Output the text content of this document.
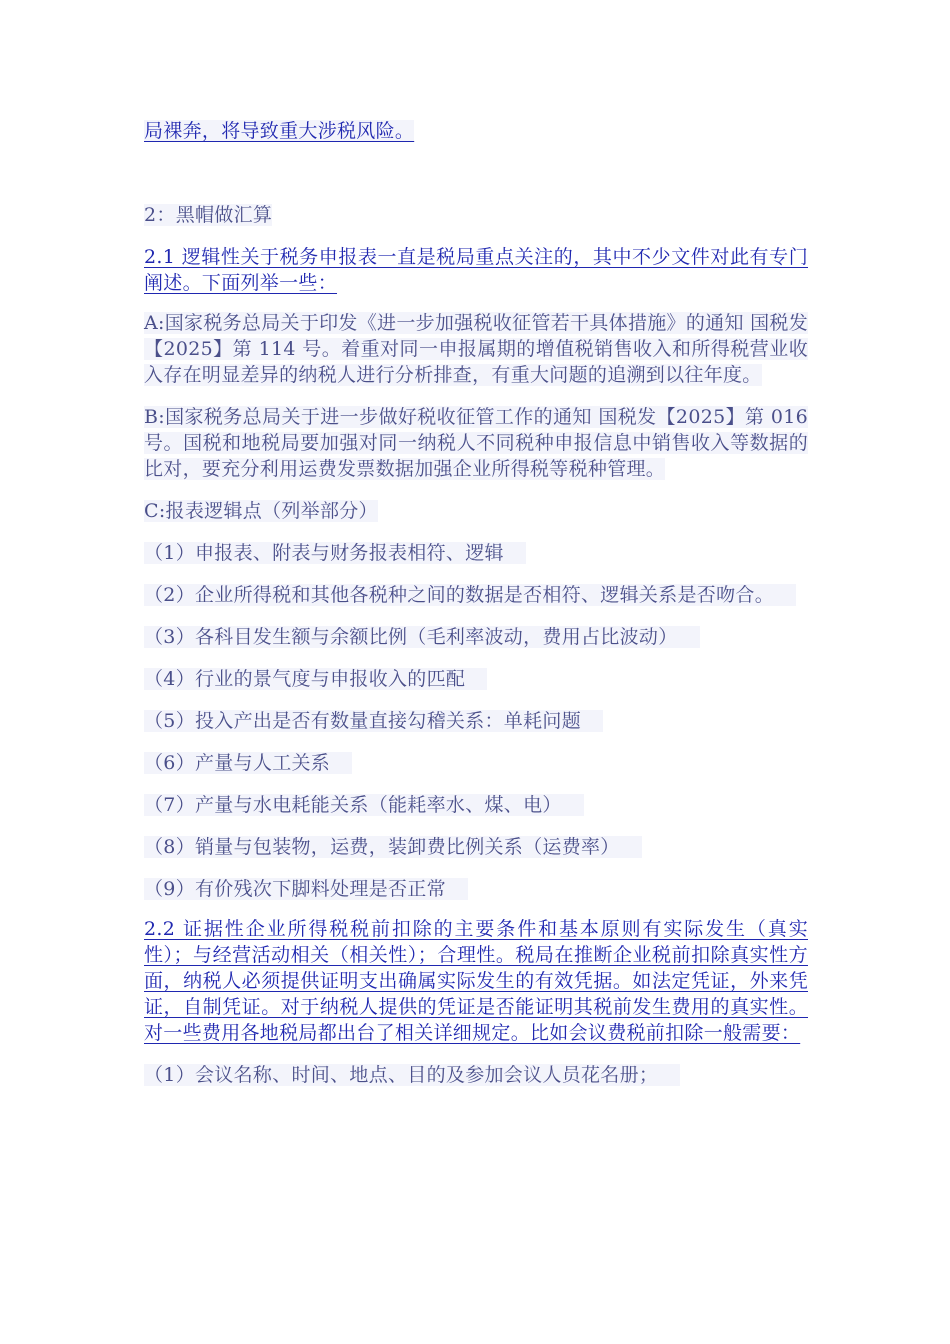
局裸奔，将导致重大涉税风险。

2：黑帽做汇算

2.1 逻辑性关于税务申报表一直是税局重点关注的，其中不少文件对此有专门阐述。下面列举一些：

A:国家税务总局关于印发《进一步加强税收征管若干具体措施》的通知 国税发【2025】第 114 号。着重对同一申报属期的增值税销售收入和所得税营业收入存在明显差异的纳税人进行分析排查，有重大问题的追溯到以往年度。

B:国家税务总局关于进一步做好税收征管工作的通知 国税发【2025】第 016 号。国税和地税局要加强对同一纳税人不同税种申报信息中销售收入等数据的比对，要充分利用运费发票数据加强企业所得税等税种管理。

C:报表逻辑点（列举部分）

（1）申报表、附表与财务报表相符、逻辑

（2）企业所得税和其他各税种之间的数据是否相符、逻辑关系是否吻合。

（3）各科目发生额与余额比例（毛利率波动，费用占比波动）

（4）行业的景气度与申报收入的匹配

（5）投入产出是否有数量直接勾稽关系：单耗问题

（6）产量与人工关系

（7）产量与水电耗能关系（能耗率水、煤、电）

（8）销量与包装物，运费，装卸费比例关系（运费率）

（9）有价残次下脚料处理是否正常

2.2 证据性企业所得税税前扣除的主要条件和基本原则有实际发生（真实性）；与经营活动相关（相关性）；合理性。税局在推断企业税前扣除真实性方面，纳税人必须提供证明支出确属实际发生的有效凭据。如法定凭证，外来凭证，自制凭证。对于纳税人提供的凭证是否能证明其税前发生费用的真实性。对一些费用各地税局都出台了相关详细规定。比如会议费税前扣除一般需要：

（1）会议名称、时间、地点、目的及参加会议人员花名册；
